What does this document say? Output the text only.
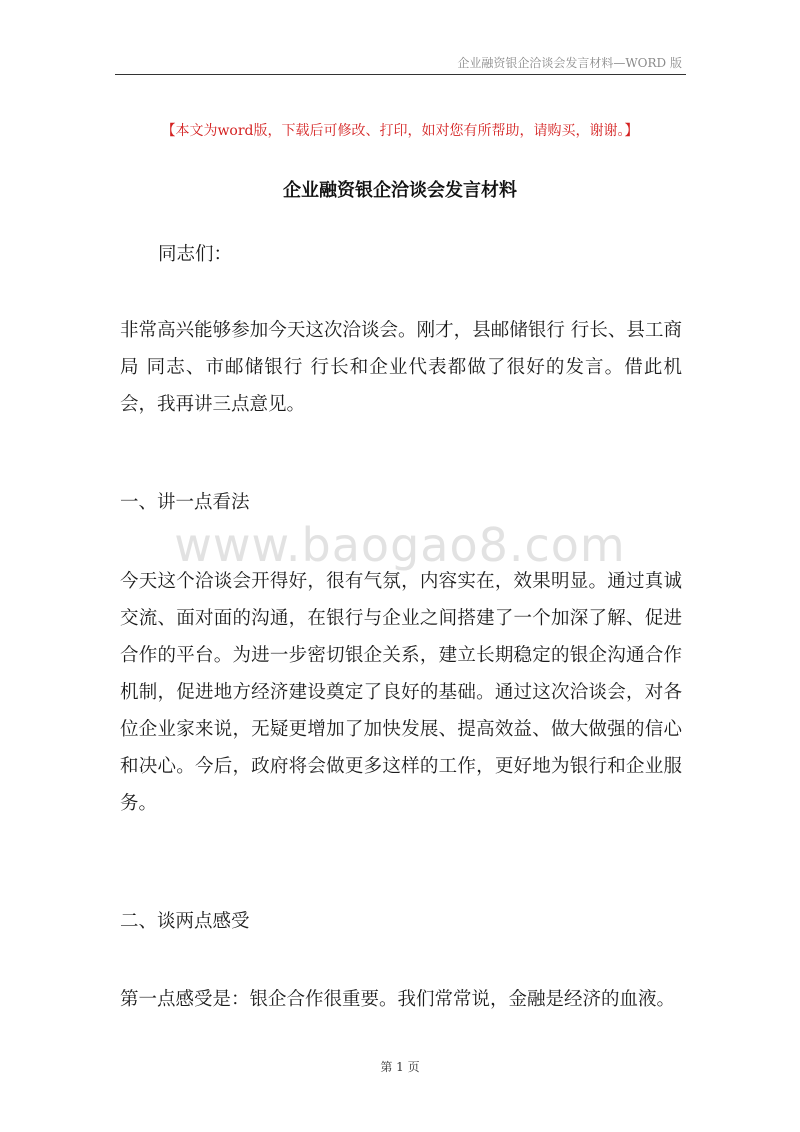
企业融资银企洽谈会发言材料—WORD 版
【本文为word版，下载后可修改、打印，如对您有所帮助，请购买，谢谢。】
企业融资银企洽谈会发言材料

同志们：

非常高兴能够参加今天这次洽谈会。刚才，县邮储银行 行长、县工商局 同志、市邮储银行 行长和企业代表都做了很好的发言。借此机会，我再讲三点意见。

一、讲一点看法

www.baogao8.com

今天这个洽谈会开得好，很有气氛，内容实在，效果明显。通过真诚交流、面对面的沟通，在银行与企业之间搭建了一个加深了解、促进合作的平台。为进一步密切银企关系，建立长期稳定的银企沟通合作机制，促进地方经济建设奠定了良好的基础。通过这次洽谈会，对各位企业家来说，无疑更增加了加快发展、提高效益、做大做强的信心和决心。今后，政府将会做更多这样的工作，更好地为银行和企业服务。

二、谈两点感受

第一点感受是：银企合作很重要。我们常常说，金融是经济的血液。

第 1 页
